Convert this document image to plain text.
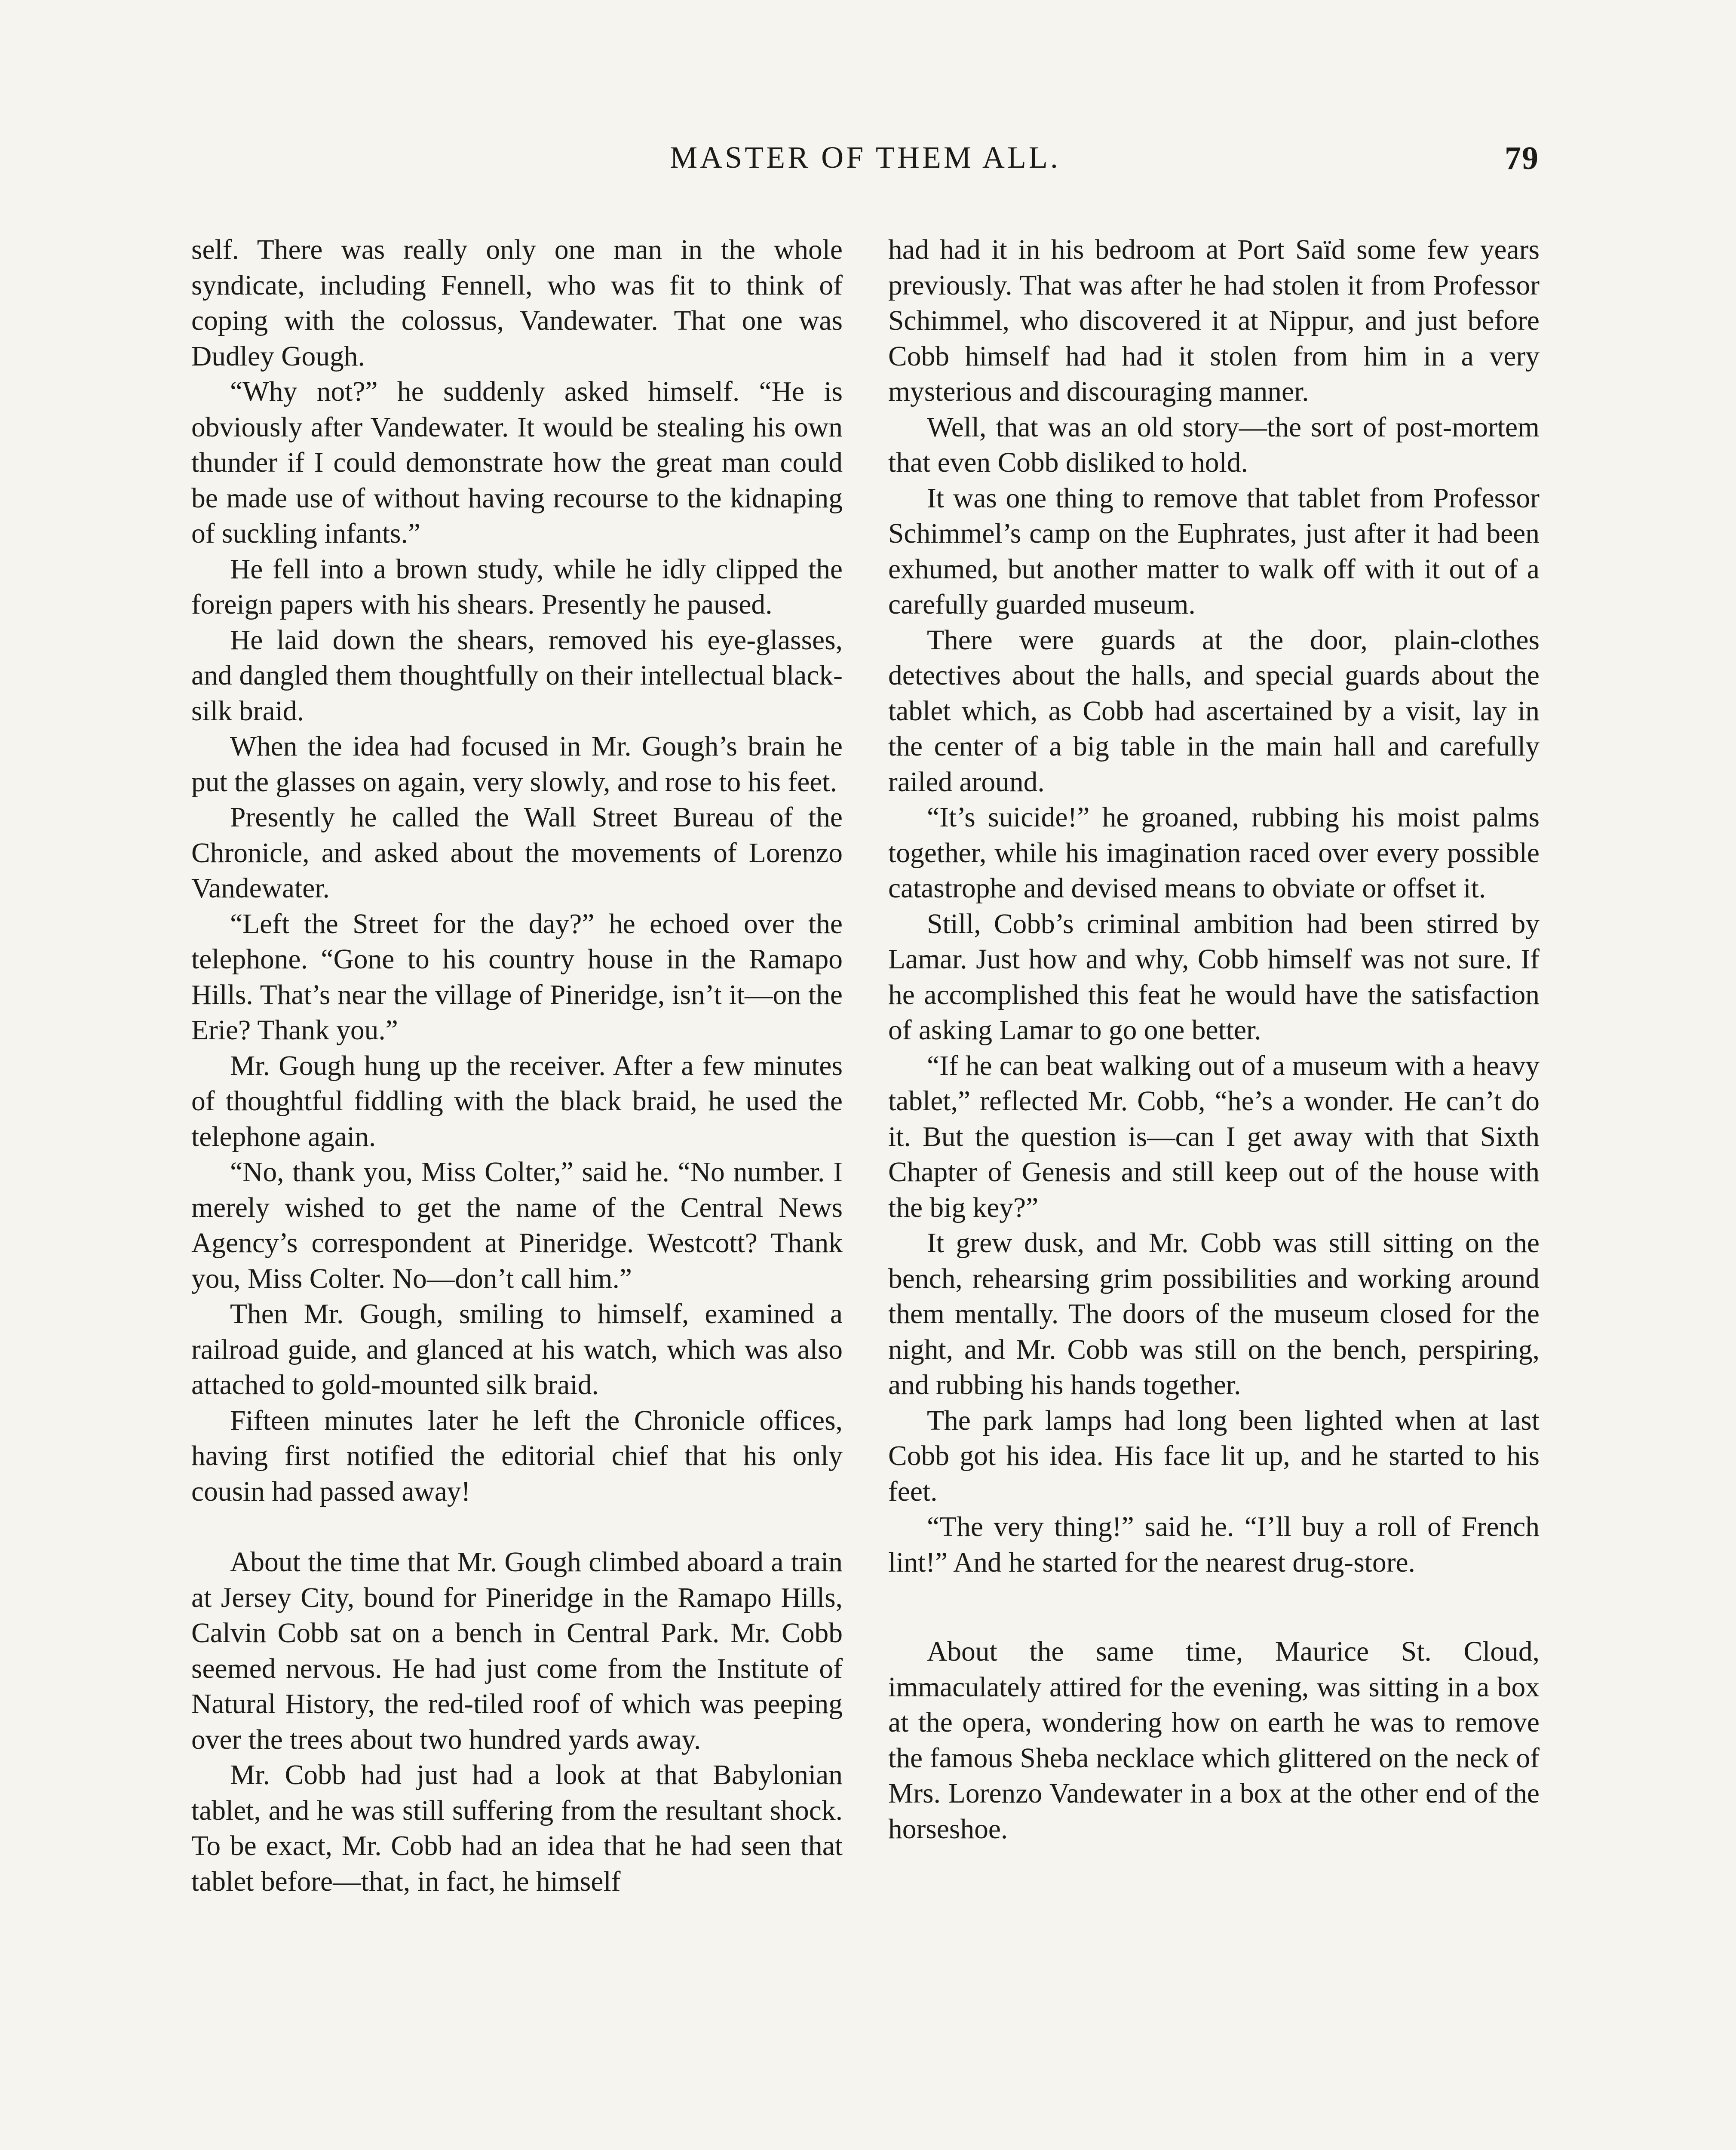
MASTER OF THEM ALL.	79

self. There was really only one man in the whole syndicate, including Fennell, who was fit to think of coping with the colossus, Vandewater. That one was Dudley Gough.

“Why not?” he suddenly asked himself. “He is obviously after Vandewater. It would be stealing his own thunder if I could demonstrate how the great man could be made use of without having recourse to the kidnaping of suckling infants.”

He fell into a brown study, while he idly clipped the foreign papers with his shears. Presently he paused.

He laid down the shears, removed his eye-glasses, and dangled them thoughtfully on their intellectual black-silk braid.

When the idea had focused in Mr. Gough’s brain he put the glasses on again, very slowly, and rose to his feet.

Presently he called the Wall Street Bureau of the Chronicle, and asked about the movements of Lorenzo Vandewater.

“Left the Street for the day?” he echoed over the telephone. “Gone to his country house in the Ramapo Hills. That’s near the village of Pineridge, isn’t it—on the Erie? Thank you.”

Mr. Gough hung up the receiver. After a few minutes of thoughtful fiddling with the black braid, he used the telephone again.

“No, thank you, Miss Colter,” said he. “No number. I merely wished to get the name of the Central News Agency’s correspondent at Pineridge. Westcott? Thank you, Miss Colter. No—don’t call him.”

Then Mr. Gough, smiling to himself, examined a railroad guide, and glanced at his watch, which was also attached to gold-mounted silk braid.

Fifteen minutes later he left the Chronicle offices, having first notified the editorial chief that his only cousin had passed away!

About the time that Mr. Gough climbed aboard a train at Jersey City, bound for Pineridge in the Ramapo Hills, Calvin Cobb sat on a bench in Central Park. Mr. Cobb seemed nervous. He had just come from the Institute of Natural History, the red-tiled roof of which was peeping over the trees about two hundred yards away.

Mr. Cobb had just had a look at that Babylonian tablet, and he was still suffering from the resultant shock. To be exact, Mr. Cobb had an idea that he had seen that tablet before—that, in fact, he himself

had had it in his bedroom at Port Saïd some few years previously. That was after he had stolen it from Professor Schimmel, who discovered it at Nippur, and just before Cobb himself had had it stolen from him in a very mysterious and discouraging manner.

Well, that was an old story—the sort of post-mortem that even Cobb disliked to hold.

It was one thing to remove that tablet from Professor Schimmel’s camp on the Euphrates, just after it had been exhumed, but another matter to walk off with it out of a carefully guarded museum.

There were guards at the door, plain-clothes detectives about the halls, and special guards about the tablet which, as Cobb had ascertained by a visit, lay in the center of a big table in the main hall and carefully railed around.

“It’s suicide!” he groaned, rubbing his moist palms together, while his imagination raced over every possible catastrophe and devised means to obviate or offset it.

Still, Cobb’s criminal ambition had been stirred by Lamar. Just how and why, Cobb himself was not sure. If he accomplished this feat he would have the satisfaction of asking Lamar to go one better.

“If he can beat walking out of a museum with a heavy tablet,” reflected Mr. Cobb, “he’s a wonder. He can’t do it. But the question is—can I get away with that Sixth Chapter of Genesis and still keep out of the house with the big key?”

It grew dusk, and Mr. Cobb was still sitting on the bench, rehearsing grim possibilities and working around them mentally. The doors of the museum closed for the night, and Mr. Cobb was still on the bench, perspiring, and rubbing his hands together.

The park lamps had long been lighted when at last Cobb got his idea. His face lit up, and he started to his feet.

“The very thing!” said he. “I’ll buy a roll of French lint!” And he started for the nearest drug-store.

About the same time, Maurice St. Cloud, immaculately attired for the evening, was sitting in a box at the opera, wondering how on earth he was to remove the famous Sheba necklace which glittered on the neck of Mrs. Lorenzo Vandewater in a box at the other end of the horseshoe.
